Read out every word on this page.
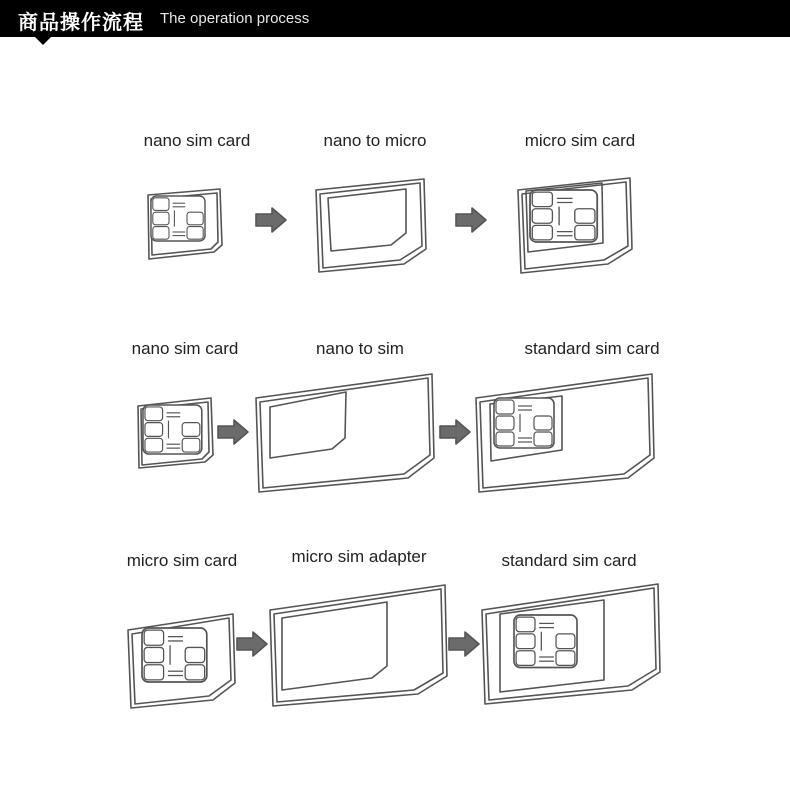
商品操作流程 The operation process
nano sim card	nano to micro	micro sim card
nano sim card	nano to sim	standard sim card
micro sim card	micro sim adapter	standard sim card
